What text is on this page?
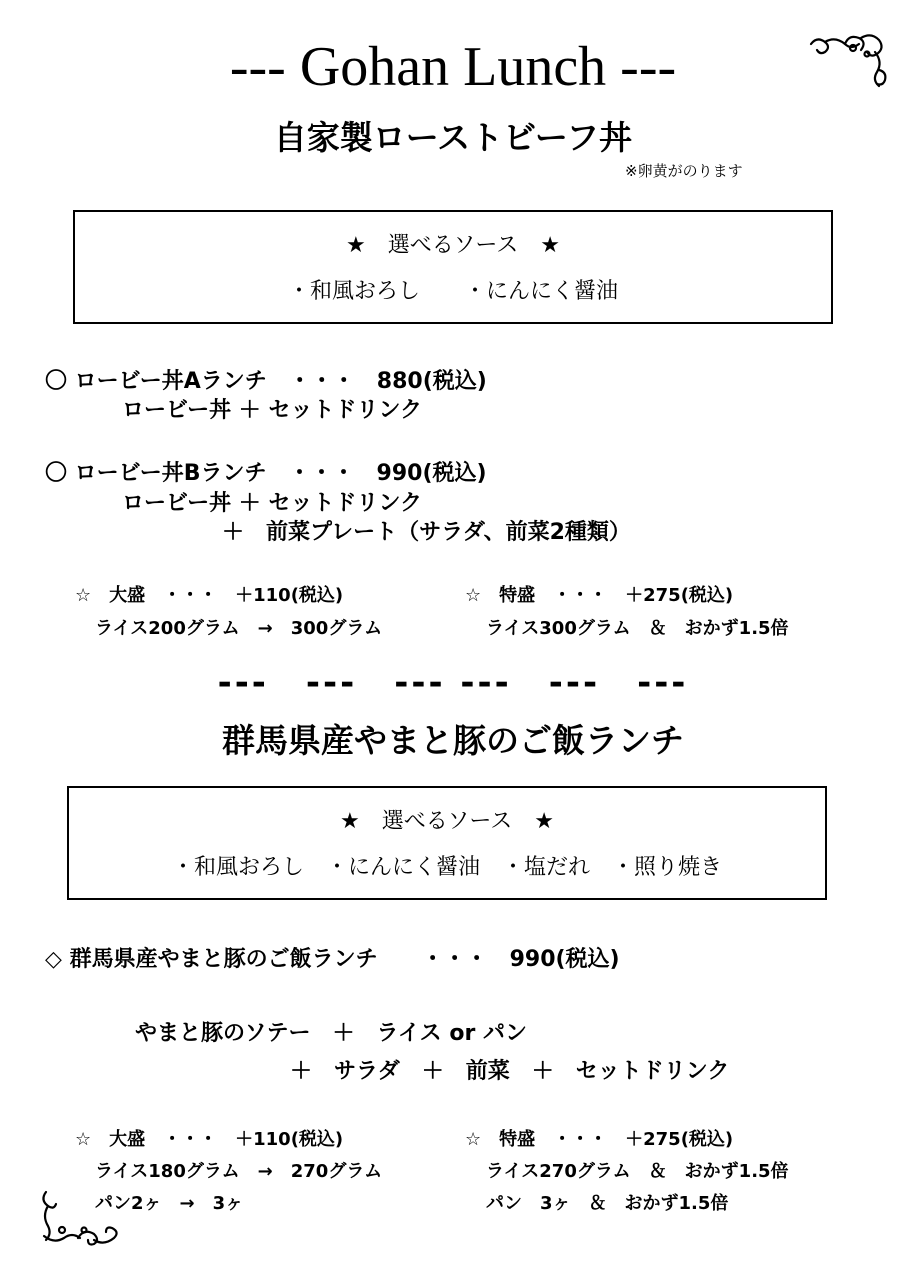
--- Gohan Lunch ---
自家製ローストビーフ丼
※卵黄がのります
★　選べるソース　★
・和風おろし　　・にんにく醤油
〇 ロービー丼Aランチ　・・・　880(税込)
ロービー丼 ＋ セットドリンク
〇 ロービー丼Bランチ　・・・　990(税込)
ロービー丼 ＋ セットドリンク
＋　前菜プレート（サラダ、前菜2種類）
☆　大盛　・・・　＋110(税込)
ライス200グラム　→　300グラム
☆　特盛　・・・　＋275(税込)
ライス300グラム　＆　おかず1.5倍
---　---　--- ---　---　---
群馬県産やまと豚のご飯ランチ
★　選べるソース　★
・和風おろし　・にんにく醤油　・塩だれ　・照り焼き
◇ 群馬県産やまと豚のご飯ランチ　　・・・　990(税込)
やまと豚のソテー　＋　ライス or パン
＋　サラダ　＋　前菜　＋　セットドリンク
☆　大盛　・・・　＋110(税込)
ライス180グラム　→　270グラム
パン2ヶ　→　3ヶ
☆　特盛　・・・　＋275(税込)
ライス270グラム　＆　おかず1.5倍
パン　3ヶ　＆　おかず1.5倍
